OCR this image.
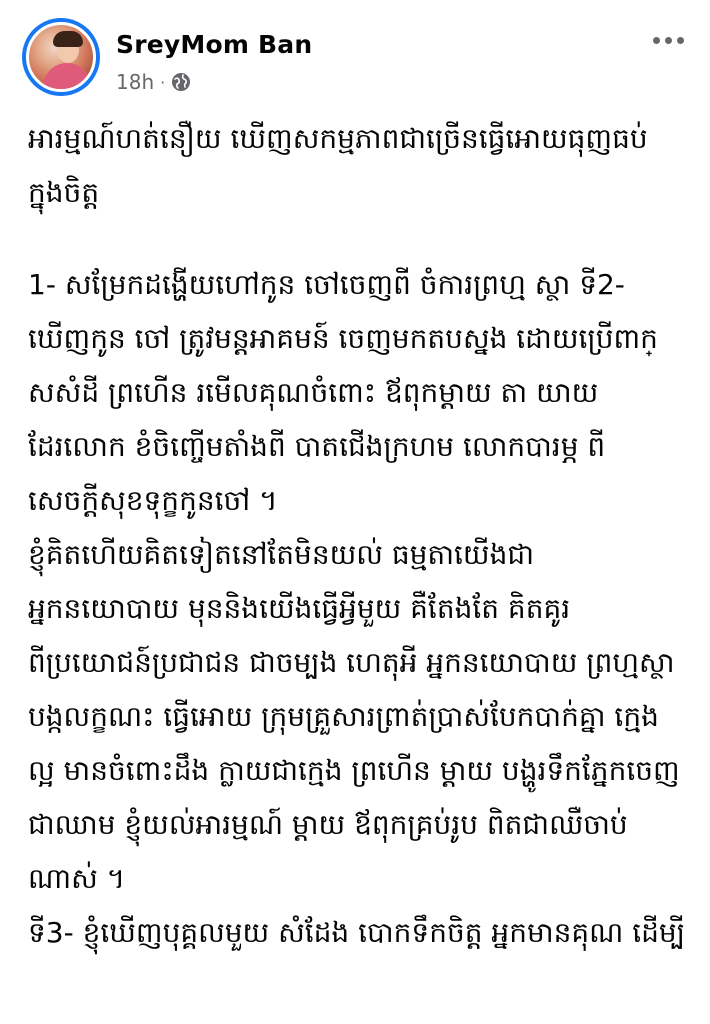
SreyMom Ban
18h ·
អារម្មណ៍ហត់នឿយ ឃើញសកម្មភាពជាច្រើនធ្វើអោយធុញធប់
ក្នុងចិត្ត
1- សម្រែកដង្ហើយហៅកូន ចៅចេញពី ចំការព្រហ្ម ស្ថា ទី2-
ឃើញកូន ចៅ ត្រូវមន្តអាគមន៍ ចេញមកតបស្នង ដោយប្រើពាក្
សសំដី ព្រហើន រមើលគុណចំពោះ ឪពុកម្តាយ តា យាយ
ដែរលោក ខំចិញ្ចើមតាំងពី បាតជើងក្រហម លោកបារម្ភ ពី
សេចក្តីសុខទុក្ខកូនចៅ ។
ខ្ញុំគិតហើយគិតទៀតនៅតែមិនយល់ ធម្មតាយើងជា
អ្នកនយោបាយ មុននិងយើងធ្វើអ្វីមួយ គឺតែងតែ គិតគូរ
ពីប្រយោជន៍ប្រជាជន ជាចម្បង ហេតុអី អ្នកនយោបាយ ព្រហ្មស្ថា
បង្កលក្ខណះ ធ្វើអោយ ក្រុមគ្រួសារព្រាត់ប្រាស់បែកបាក់គ្នា ក្មេង
ល្អ មានចំពោះដឹង ក្លាយជាក្មេង ព្រហើន ម្តាយ បង្ហូរទឹកភ្នែកចេញ
ជាឈាម ខ្ញុំយល់អារម្មណ៍ ម្តាយ ឪពុកគ្រប់រូប ពិតជាឈឺចាប់
ណាស់ ។
ទី3- ខ្ញុំឃើញបុគ្គលមួយ សំដែង បោកទឹកចិត្ត អ្នកមានគុណ ដើម្បី
